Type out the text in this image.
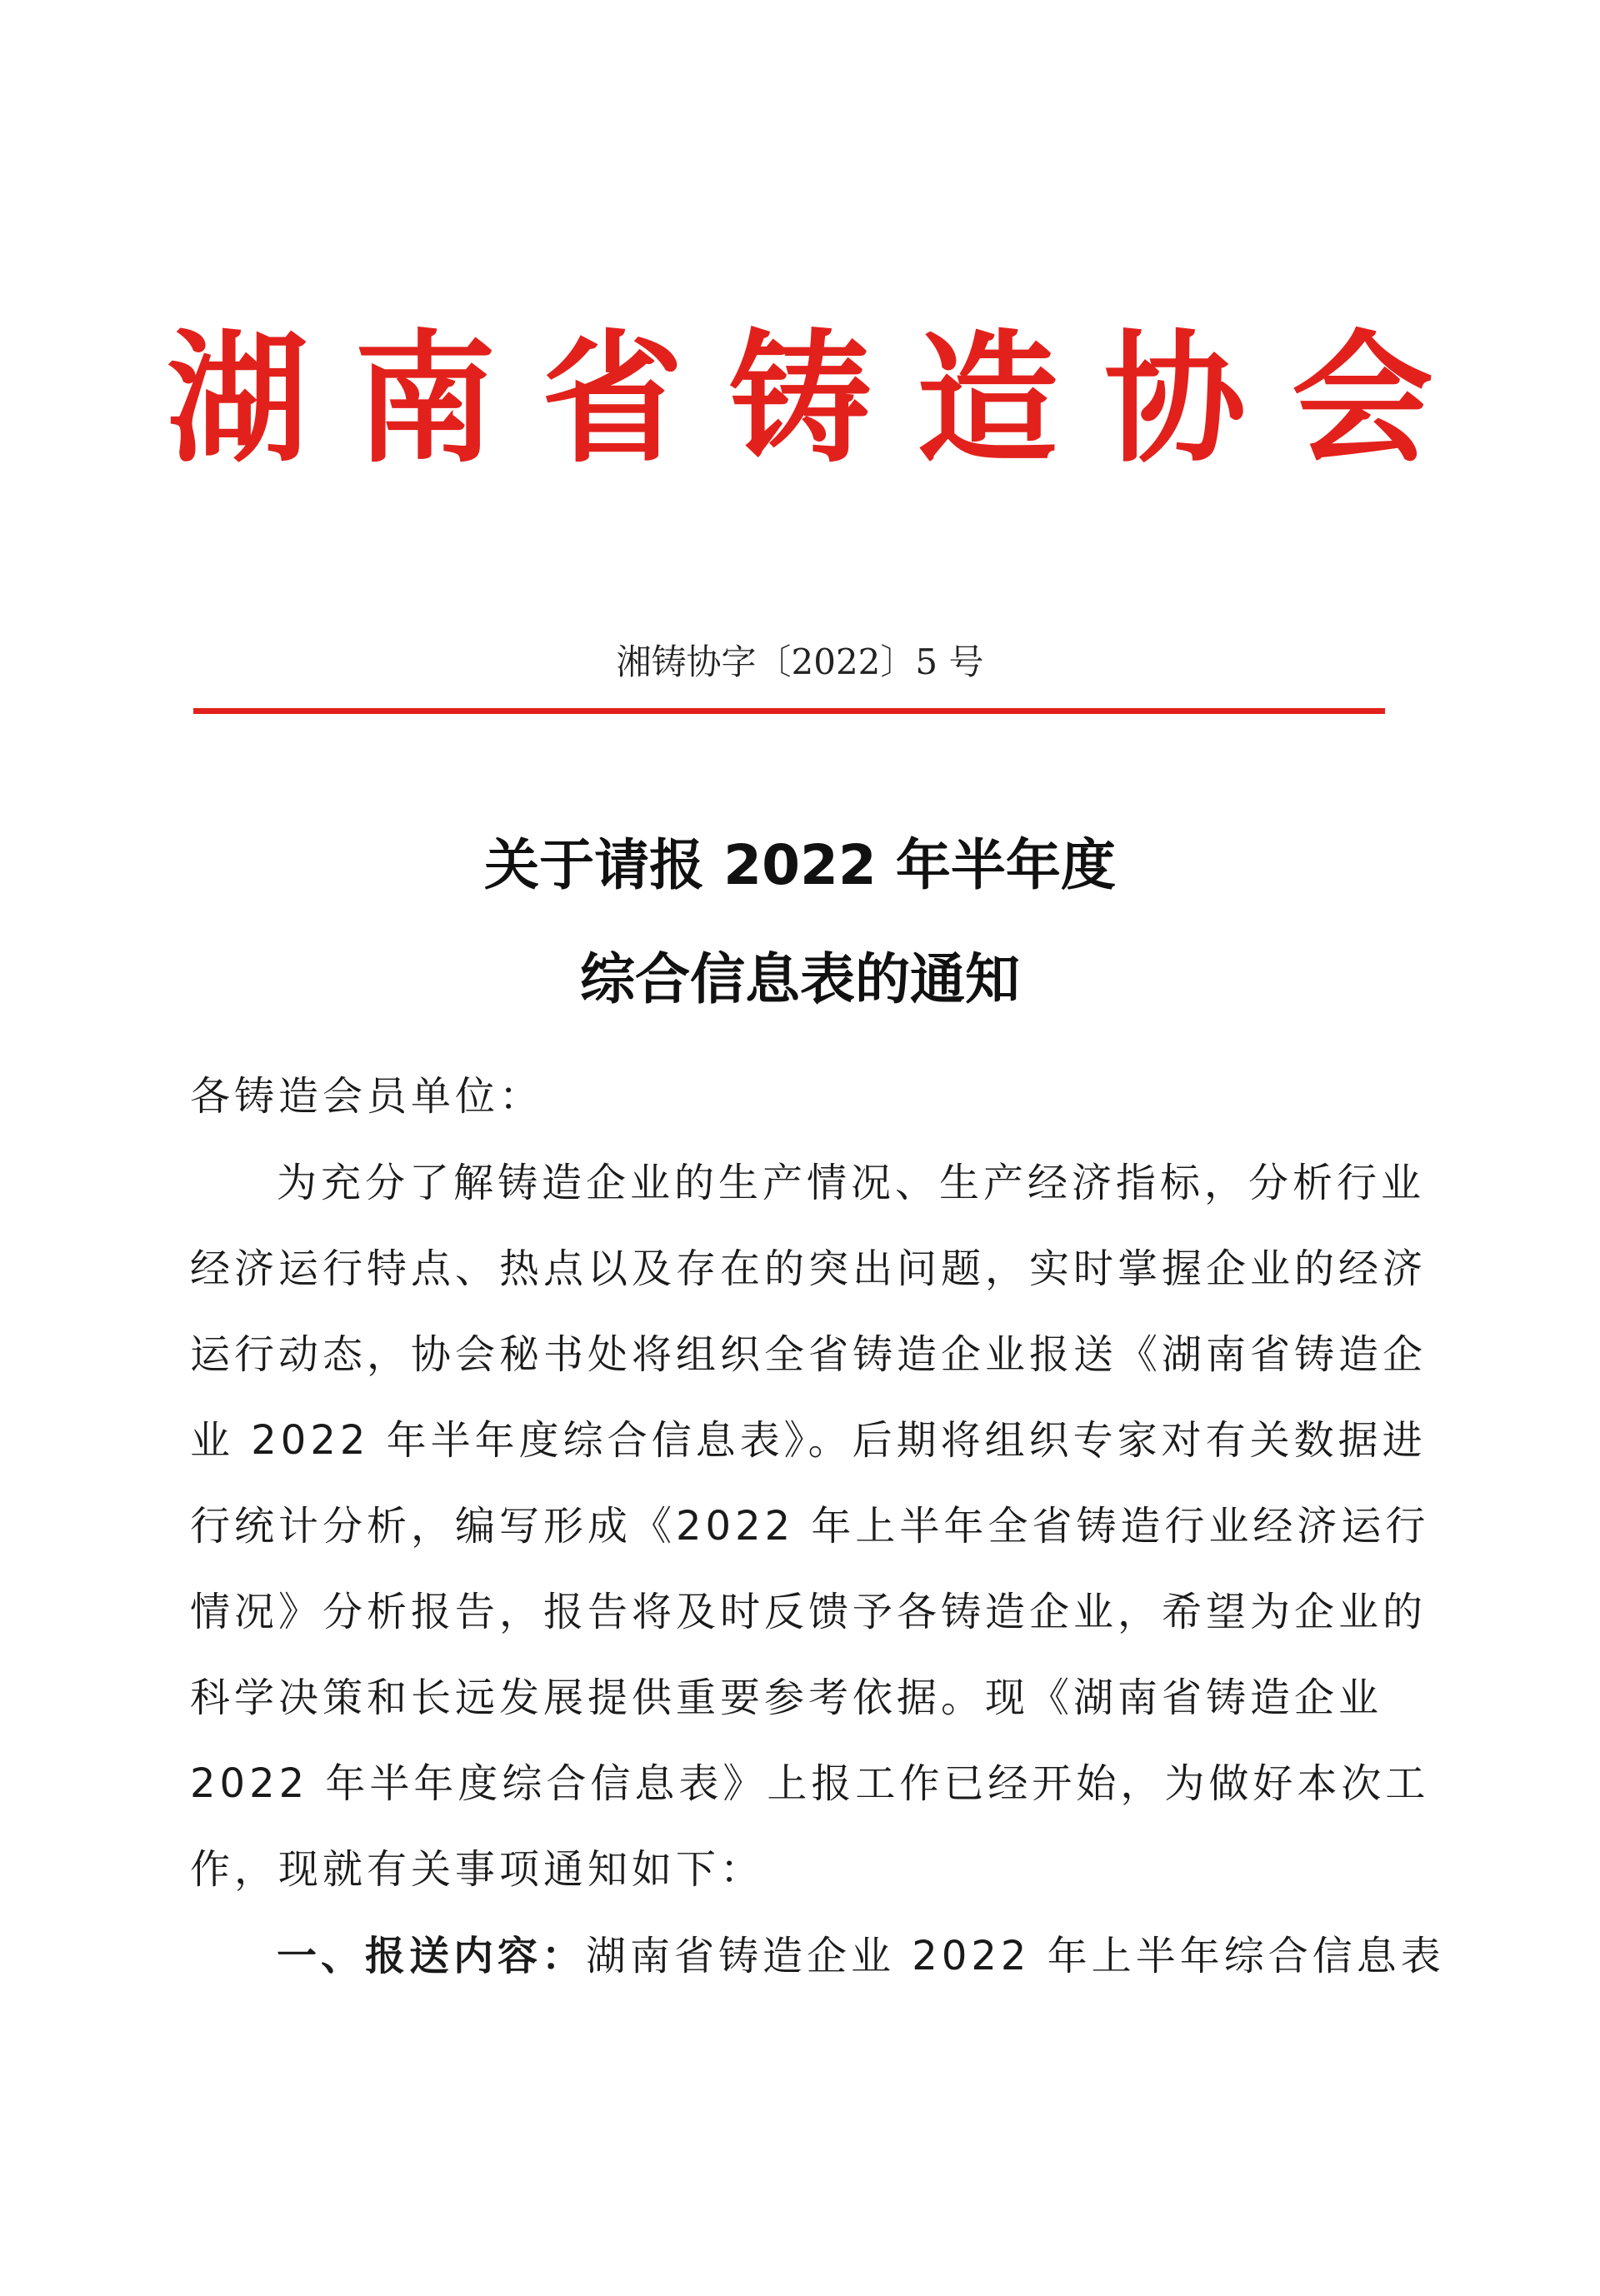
湖 南 省 铸 造 协 会
湘铸协字〔2022〕5 号
关于请报 2022 年半年度
综合信息表的通知
各铸造会员单位：
为充分了解铸造企业的生产情况、生产经济指标，分析行业
经济运行特点、热点以及存在的突出问题，实时掌握企业的经济
运行动态，协会秘书处将组织全省铸造企业报送《湖南省铸造企
业 2022 年半年度综合信息表》。后期将组织专家对有关数据进
行统计分析，编写形成《2022 年上半年全省铸造行业经济运行
情况》分析报告，报告将及时反馈予各铸造企业，希望为企业的
科学决策和长远发展提供重要参考依据。现《湖南省铸造企业
2022 年半年度综合信息表》上报工作已经开始，为做好本次工
作，现就有关事项通知如下：
一、报送内容：湖南省铸造企业 2022 年上半年综合信息表
